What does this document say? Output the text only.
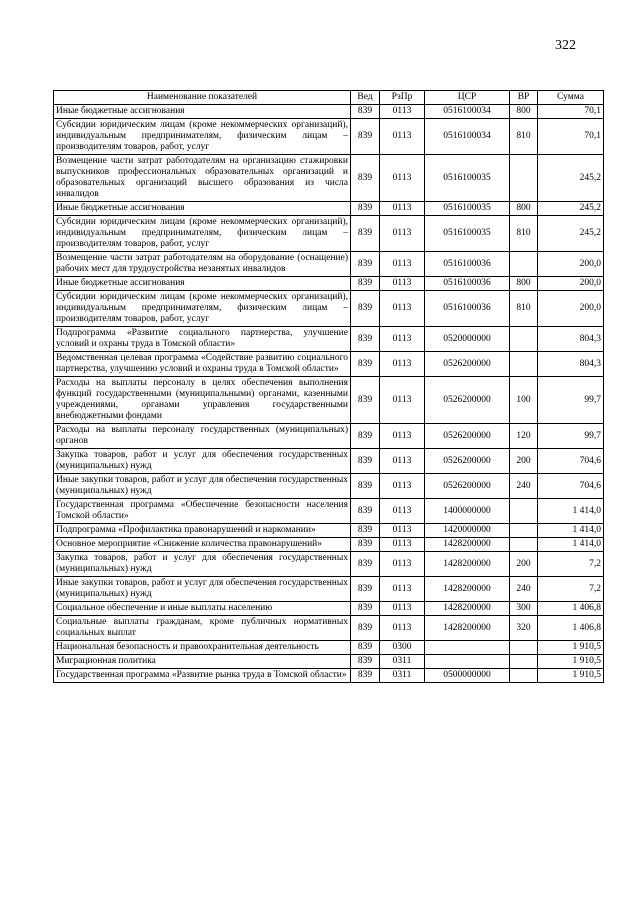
322
Наименование показателей	Вед	РзПр	ЦСР	ВР	Сумма
Иные бюджетные ассигнования	839	0113	0516100034	800	70,1
Субсидии юридическим лицам (кроме некоммерческих организаций), индивидуальным предпринимателям, физическим лицам – производителям товаров, работ, услуг	839	0113	0516100034	810	70,1
Возмещение части затрат работодателям на организацию стажировки выпускников профессиональных образовательных организаций и образовательных организаций высшего образования из числа инвалидов	839	0113	0516100035		245,2
Иные бюджетные ассигнования	839	0113	0516100035	800	245,2
Субсидии юридическим лицам (кроме некоммерческих организаций), индивидуальным предпринимателям, физическим лицам – производителям товаров, работ, услуг	839	0113	0516100035	810	245,2
Возмещение части затрат работодателям на оборудование (оснащение) рабочих мест для трудоустройства незанятых инвалидов	839	0113	0516100036		200,0
Иные бюджетные ассигнования	839	0113	0516100036	800	200,0
Субсидии юридическим лицам (кроме некоммерческих организаций), индивидуальным предпринимателям, физическим лицам – производителям товаров, работ, услуг	839	0113	0516100036	810	200,0
Подпрограмма «Развитие социального партнерства, улучшение условий и охраны труда в Томской области»	839	0113	0520000000		804,3
Ведомственная целевая программа «Содействие развитию социального партнерства, улучшению условий и охраны труда в Томской области»	839	0113	0526200000		804,3
Расходы на выплаты персоналу в целях обеспечения выполнения функций государственными (муниципальными) органами, казенными учреждениями, органами управления государственными внебюджетными фондами	839	0113	0526200000	100	99,7
Расходы на выплаты персоналу государственных (муниципальных) органов	839	0113	0526200000	120	99,7
Закупка товаров, работ и услуг для обеспечения государственных (муниципальных) нужд	839	0113	0526200000	200	704,6
Иные закупки товаров, работ и услуг для обеспечения государственных (муниципальных) нужд	839	0113	0526200000	240	704,6
Государственная программа «Обеспечение безопасности населения Томской области»	839	0113	1400000000		1 414,0
Подпрограмма «Профилактика правонарушений и наркомании»	839	0113	1420000000		1 414,0
Основное мероприятие «Снижение количества правонарушений»	839	0113	1428200000		1 414,0
Закупка товаров, работ и услуг для обеспечения государственных (муниципальных) нужд	839	0113	1428200000	200	7,2
Иные закупки товаров, работ и услуг для обеспечения государственных (муниципальных) нужд	839	0113	1428200000	240	7,2
Социальное обеспечение и иные выплаты населению	839	0113	1428200000	300	1 406,8
Социальные выплаты гражданам, кроме публичных нормативных социальных выплат	839	0113	1428200000	320	1 406,8
Национальная безопасность и правоохранительная деятельность	839	0300			1 910,5
Миграционная политика	839	0311			1 910,5
Государственная программа «Развитие рынка труда в Томской области»	839	0311	0500000000		1 910,5
